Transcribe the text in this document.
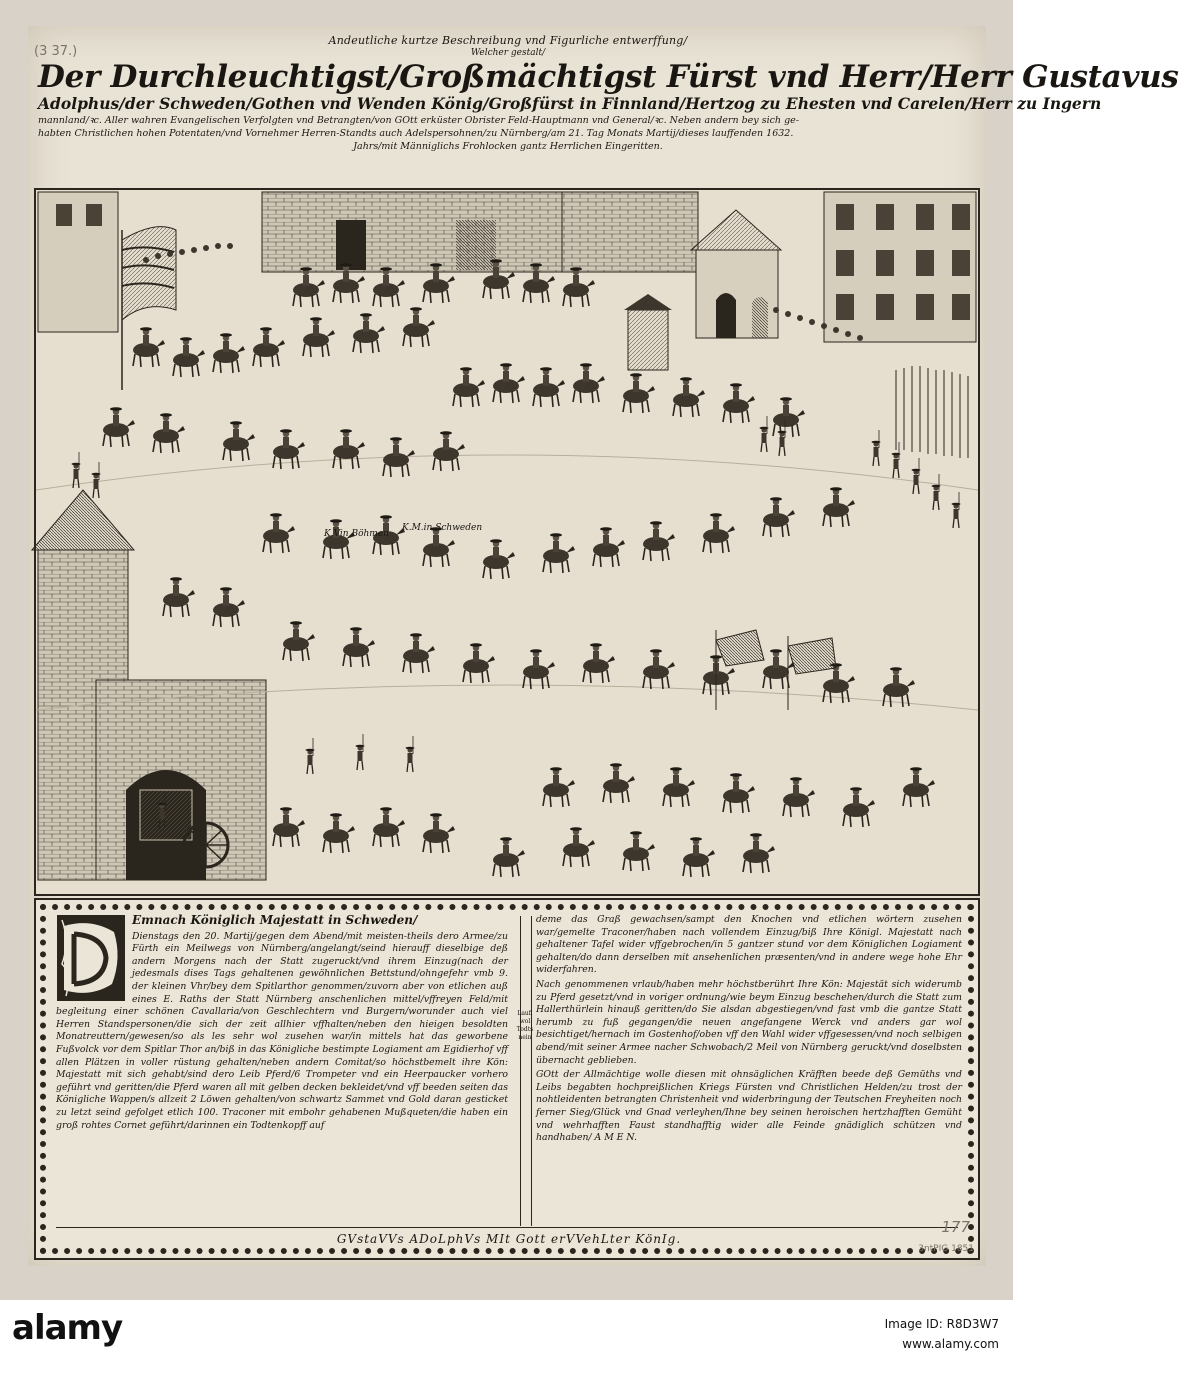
(3 37.)
Andeutliche kurtze Beschreibung vnd Figurliche entwerffung/
Welcher gestalt/
Der Durchleuchtigst/Großmächtigst Fürst vnd Herr/Herr Gustavus
Adolphus/der Schweden/Gothen vnd Wenden König/Großfürst in Finnland/Hertzog zu Ehesten vnd Carelen/Herr zu Ingern
mannland/ꝛc. Aller wahren Evangelischen Verfolgten vnd Betrangten/von GOtt erküster Obrister Feld-Hauptmann vnd General/ꝛc. Neben andern bey sich ge-
habten Christlichen hohen Potentaten/vnd Vornehmer Herren-Standts auch Adelspersohnen/zu Nürnberg/am 21. Tag Monats Martij/dieses lauffenden 1632.
Jahrs/mit Männiglichs Frohlocken gantz Herrlichen Eingeritten.
K.Vin Böhmen
K.M.in Schweden

Emnach Königlich Majestatt in Schweden/

Dienstags den 20. Martij/gegen dem Abend/mit meisten-theils dero Armee/zu Fürth ein Meilwegs von Nürnberg/angelangt/seind hierauff dieselbige deß andern Morgens nach der Statt zugeruckt/vnd ihrem Einzug(nach der jedesmals dises Tags gehaltenen gewöhnlichen Bettstund/ohngefehr vmb 9. der kleinen Vhr/bey dem Spitlarthor genommen/zuvorn aber von etlichen auß eines E. Raths der Statt Nürnberg anschenlichen mittel/vffreyen Feld/mit begleitung einer schönen Cavallaria/von Geschlechtern vnd Burgern/worunder auch viel Herren Standspersonen/die sich der zeit allhier vffhalten/neben den hieigen besoldten Monatreuttern/gewesen/so als les sehr wol zusehen war/in mittels hat das geworbene Fußvolck vor dem Spitlar Thor an/biß in das Königliche bestimpte Logiament am Egidierhof vff allen Plätzen in voller rüstung gehalten/neben andern Comitat/so höchstbemelt ihre Kön: Majestatt mit sich gehabt/sind dero Leib Pferd/6 Trompeter vnd ein Heerpaucker vorhero geführt vnd geritten/die Pferd waren all mit gelben decken bekleidet/vnd vff beeden seiten das Königliche Wappen/s allzeit 2 Löwen gehalten/von schwartz Sammet vnd Gold daran gesticket zu letzt seind gefolget etlich 100. Traconer mit embohr gehabenen Mußqueten/die haben ein groß rohtes Cornet geführt/darinnen ein Todtenkopff auf

Lauf. wol Todts nein

deme das Graß gewachsen/sampt den Knochen vnd etlichen wörtern zusehen war/gemelte Traconer/haben nach vollendem Einzug/biß Ihre Königl. Majestatt nach gehaltener Tafel wider vffgebrochen/in 5 gantzer stund vor dem Königlichen Logiament gehalten/do dann derselben mit ansehenlichen præsenten/vnd in andere wege hohe Ehr widerfahren.

Nach genommenen vrlaub/haben mehr höchstberührt Ihre Kön: Majestät sich widerumb zu Pferd gesetzt/vnd in voriger ordnung/wie beym Einzug beschehen/durch die Statt zum Hallerthürlein hinauß geritten/do Sie alsdan abgestiegen/vnd fast vmb die gantze Statt herumb zu fuß gegangen/die neuen angefangene Werck vnd anders gar wol besichtiget/hernach im Gostenhof/oben vff den Wahl wider vffgesessen/vnd noch selbigen abend/mit seiner Armee nacher Schwobach/2 Meil von Nürnberg geruckt/vnd doselbsten übernacht geblieben.

GOtt der Allmächtige wolle diesen mit ohnsäglichen Kräfften beede deß Gemüths vnd Leibs begabten hochpreißlichen Kriegs Fürsten vnd Christlichen Helden/zu trost der nohtleidenten betrangten Christenheit vnd widerbringung der Teutschen Freyheiten noch ferner Sieg/Glück vnd Gnad verleyhen/Ihne bey seinen heroischen hertzhafften Gemüht vnd wehrhafften Faust standhafftig wider alle Feinde gnädiglich schützen vnd handhaben/ A M E N.

GVstaVVs ADoLphVs MIt Gott erVVehLter KönIg.
177
3ntPIG 1851
alamy	Image ID: R8D3W7
www.alamy.com
